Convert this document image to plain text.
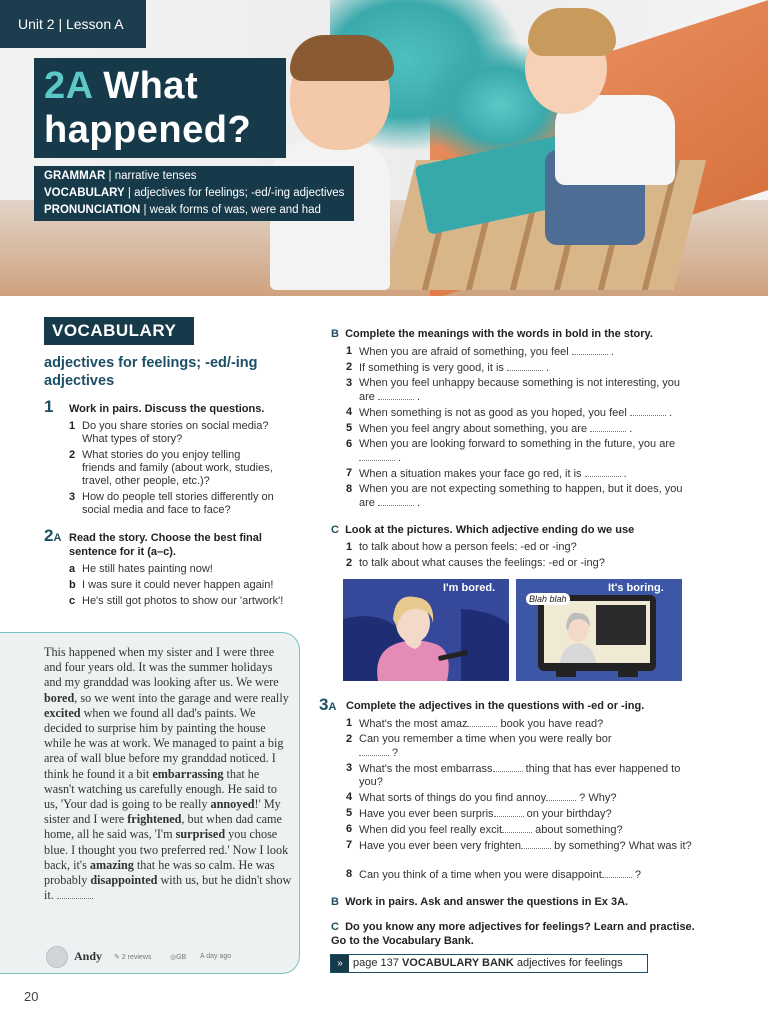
Unit 2 | Lesson A
2A What
happened?
GRAMMAR | narrative tenses
VOCABULARY | adjectives for feelings; -ed/-ing adjectives
PRONUNCIATION | weak forms of was, were and had
VOCABULARY
adjectives for feelings; -ed/-ing adjectives
1 Work in pairs. Discuss the questions.
1 Do you share stories on social media? What types of story?
2 What stories do you enjoy telling friends and family (about work, studies, travel, other people, etc.)?
3 How do people tell stories differently on social media and face to face?
2A Read the story. Choose the best final sentence for it (a–c).
a He still hates painting now!
b I was sure it could never happen again!
c He's still got photos to show our 'artwork'!
This happened when my sister and I were three and four years old. It was the summer holidays and my granddad was looking after us. We were bored, so we went into the garage and were really excited when we found all dad's paints. We decided to surprise him by painting the house while he was at work. We managed to paint a big area of wall blue before my granddad noticed. I think he found it a bit embarrassing that he wasn't watching us carefully enough. He said to us, 'Your dad is going to be really annoyed!' My sister and I were frightened, but when dad came home, all he said was, 'I'm surprised you chose blue. I thought you two preferred red.' Now I look back, it's amazing that he was so calm. He was probably disappointed with us, but he didn't show it.
Andy ✎ 2 reviews	◎GB A day ago
B Complete the meanings with the words in bold in the story.
1 When you are afraid of something, you feel	.
2 If something is very good, it is	.
3 When you feel unhappy because something is not interesting, you are	.
4 When something is not as good as you hoped, you feel	.
5 When you feel angry about something, you are	.
6 When you are looking forward to something in the future, you are  .
7 When a situation makes your face go red, it is	.
8 When you are not expecting something to happen, but it does, you are	.
C Look at the pictures. Which adjective ending do we use
1 to talk about how a person feels: -ed or -ing?
2 to talk about what causes the feelings: -ed or -ing?
I'm bored.	It's boring.
Blah blah
3A Complete the adjectives in the questions with -ed or -ing.
1 What's the most amaz	book you have read?
2 Can you remember a time when you were really bor ?
3 What's the most embarrass	thing that has ever happened to you?
4 What sorts of things do you find annoy	? Why?
5 Have you ever been surpris	on your birthday?
6 When did you feel really excit	about something?
7 Have you ever been very frighten	by something? What was it?
8 Can you think of a time when you were disappoint	?
B Work in pairs. Ask and answer the questions in Ex 3A.
C Do you know any more adjectives for feelings? Learn and practise. Go to the Vocabulary Bank.
» page 137 VOCABULARY BANK adjectives for feelings
20
